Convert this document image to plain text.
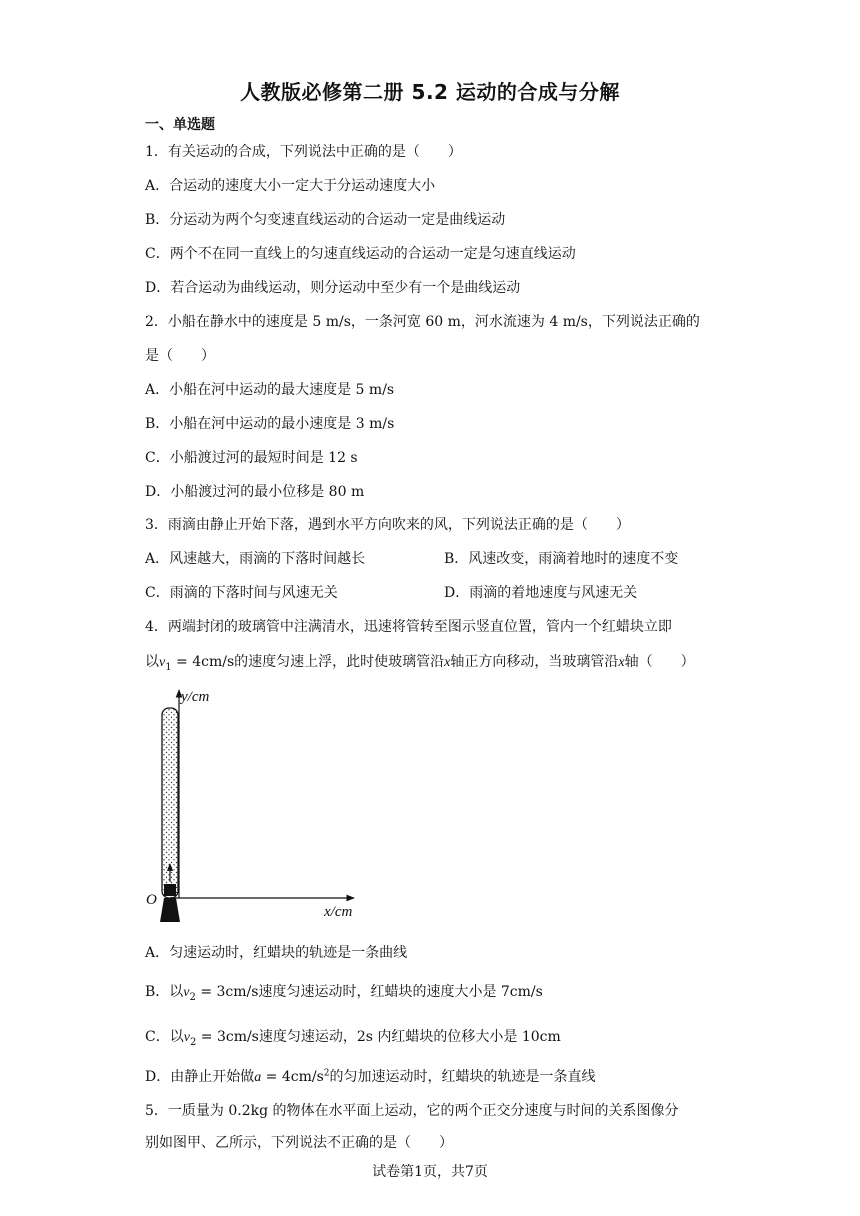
人教版必修第二册 5.2 运动的合成与分解
一、单选题
1．有关运动的合成，下列说法中正确的是（　　）
A．合运动的速度大小一定大于分运动速度大小
B．分运动为两个匀变速直线运动的合运动一定是曲线运动
C．两个不在同一直线上的匀速直线运动的合运动一定是匀速直线运动
D．若合运动为曲线运动，则分运动中至少有一个是曲线运动
2．小船在静水中的速度是 5 m/s，一条河宽 60 m，河水流速为 4 m/s，下列说法正确的
是（　　）
A．小船在河中运动的最大速度是 5 m/s
B．小船在河中运动的最小速度是 3 m/s
C．小船渡过河的最短时间是 12 s
D．小船渡过河的最小位移是 80 m
3．雨滴由静止开始下落，遇到水平方向吹来的风，下列说法正确的是（　　）
A．风速越大，雨滴的下落时间越长	B．风速改变，雨滴着地时的速度不变
C．雨滴的下落时间与风速无关	D．雨滴的着地速度与风速无关
4．两端封闭的玻璃管中注满清水，迅速将管转至图示竖直位置，管内一个红蜡块立即
以$v_1 = 4cm/s$的速度匀速上浮，此时使玻璃管沿x轴正方向移动，当玻璃管沿x轴（　　）
y/cm
x/cm
O
A．匀速运动时，红蜡块的轨迹是一条曲线
B．以$v_2 = 3cm/s$速度匀速运动时，红蜡块的速度大小是 7cm/s
C．以$v_2 = 3cm/s$速度匀速运动，2s 内红蜡块的位移大小是 10cm
D．由静止开始做$a = 4cm/s^2$的匀加速运动时，红蜡块的轨迹是一条直线
5．一质量为 0.2kg 的物体在水平面上运动，它的两个正交分速度与时间的关系图像分
别如图甲、乙所示，下列说法不正确的是（　　）
试卷第1页，共7页
